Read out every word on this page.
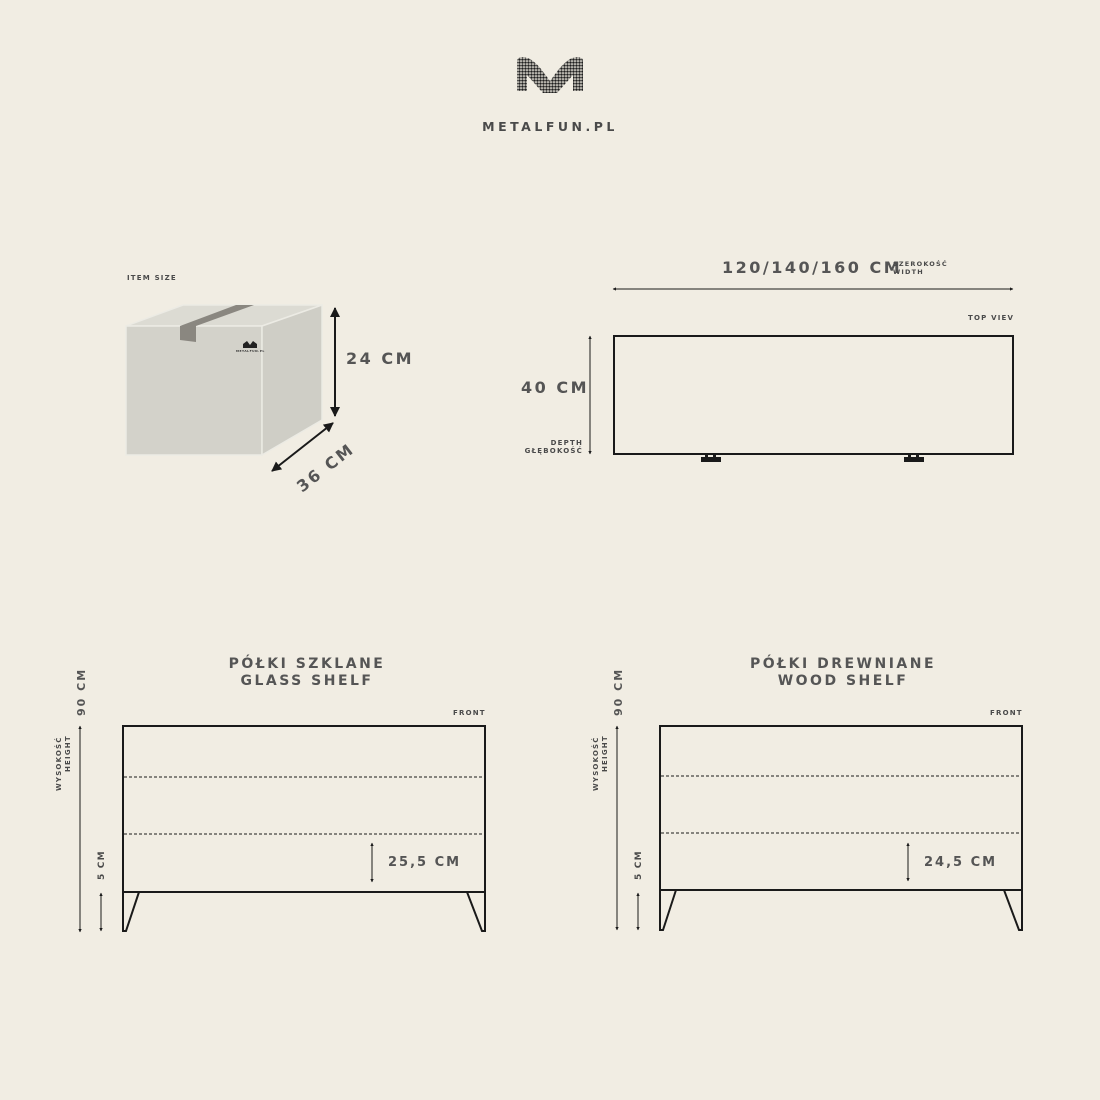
METALFUN.PL
METALFUN.PL
ITEM SIZE
24 CM
36 CM
120/140/160 CM
SZEROKOŚĆ
WIDTH
TOP VIEV
40 CM
DEPTH
GŁĘBOKOŚĆ
PÓŁKI SZKLANE
GLASS SHELF
FRONT
90 CM
WYSOKOŚĆ HEIGHT
5 CM	25,5 CM
PÓŁKI DREWNIANE
WOOD SHELF
FRONT
90 CM
WYSOKOŚĆ HEIGHT
5 CM	24,5 CM
